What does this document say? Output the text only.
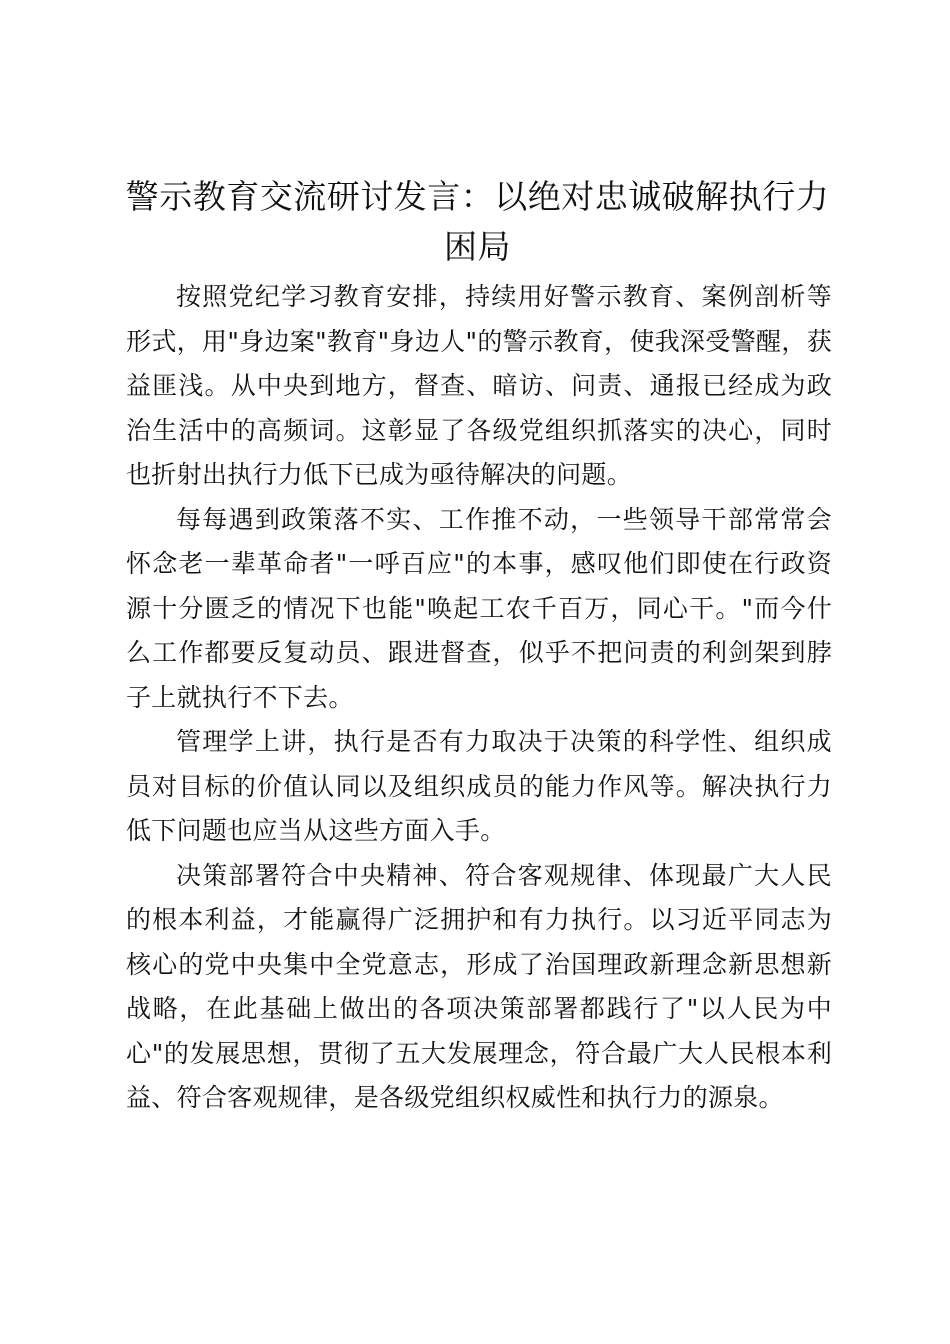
警示教育交流研讨发言：以绝对忠诚破解执行力困局

按照党纪学习教育安排，持续用好警示教育、案例剖析等形式，用"身边案"教育"身边人"的警示教育，使我深受警醒，获益匪浅。从中央到地方，督查、暗访、问责、通报已经成为政治生活中的高频词。这彰显了各级党组织抓落实的决心，同时也折射出执行力低下已成为亟待解决的问题。

每每遇到政策落不实、工作推不动，一些领导干部常常会怀念老一辈革命者"一呼百应"的本事，感叹他们即使在行政资源十分匮乏的情况下也能"唤起工农千百万，同心干。"而今什么工作都要反复动员、跟进督查，似乎不把问责的利剑架到脖子上就执行不下去。

管理学上讲，执行是否有力取决于决策的科学性、组织成员对目标的价值认同以及组织成员的能力作风等。解决执行力低下问题也应当从这些方面入手。

决策部署符合中央精神、符合客观规律、体现最广大人民的根本利益，才能赢得广泛拥护和有力执行。以习近平同志为核心的党中央集中全党意志，形成了治国理政新理念新思想新战略，在此基础上做出的各项决策部署都践行了"以人民为中心"的发展思想，贯彻了五大发展理念，符合最广大人民根本利益、符合客观规律，是各级党组织权威性和执行力的源泉。
